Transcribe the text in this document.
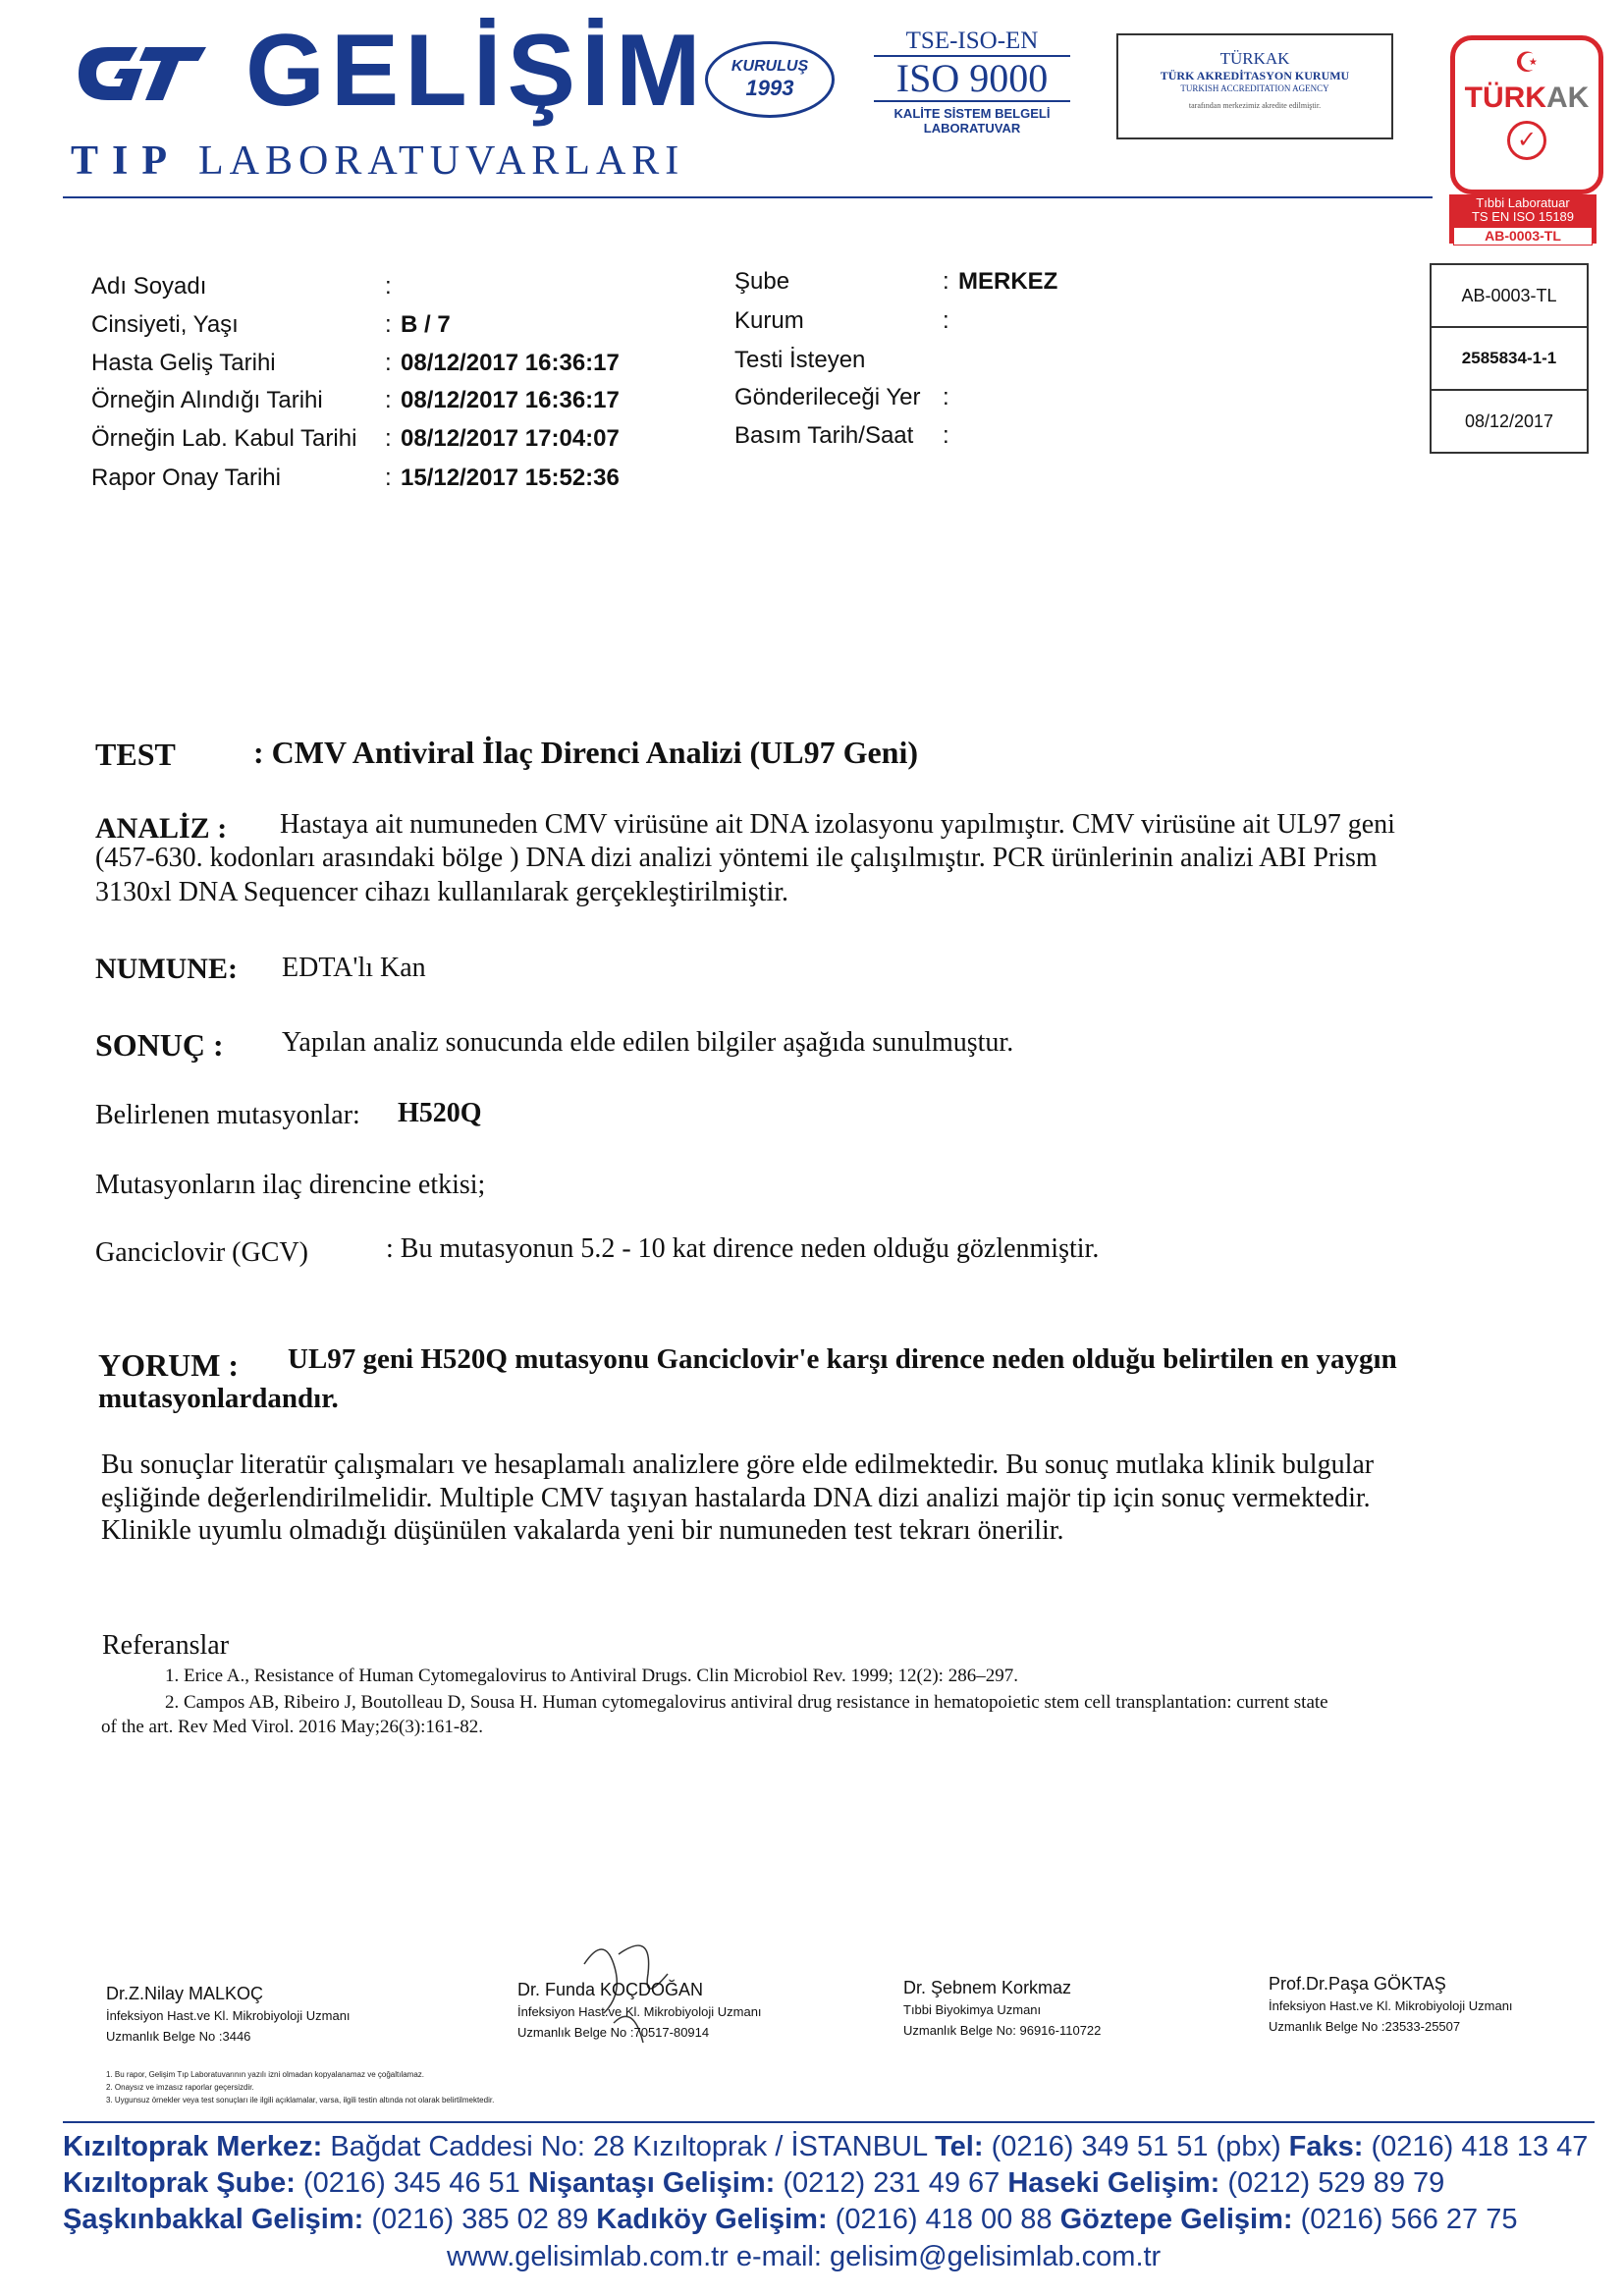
GELİŞİM
TIP LABORATUVARLARI
KURULUŞ
1993
TSE-ISO-EN
ISO 9000
KALİTE SİSTEM BELGELİ
LABORATUVAR
TÜRKAK
TÜRK AKREDİTASYON KURUMU
TURKISH ACCREDITATION AGENCY
tarafından merkezimiz akredite edilmiştir.
☪
TÜRKAK
✓
Tıbbi Laboratuar
TS EN ISO 15189
AB-0003-TL
Adı Soyadı	:
Cinsiyeti, Yaşı	: B / 7
Hasta Geliş Tarihi	: 08/12/2017 16:36:17
Örneğin Alındığı Tarihi	: 08/12/2017 16:36:17
Örneğin Lab. Kabul Tarihi : 08/12/2017 17:04:07
Rapor Onay Tarihi	: 15/12/2017 15:52:36
Şube	: MERKEZ
Kurum	:
Testi İsteyen
Gönderileceği Yer :
Basım Tarih/Saat :
AB-0003-TL
2585834-1-1
08/12/2017
TEST : CMV Antiviral İlaç Direnci Analizi (UL97 Geni)
ANALİZ : Hastaya ait numuneden CMV virüsüne ait DNA izolasyonu yapılmıştır. CMV virüsüne ait UL97 geni
(457-630. kodonları arasındaki bölge ) DNA dizi analizi yöntemi ile çalışılmıştır. PCR ürünlerinin analizi ABI Prism
3130xl DNA Sequencer cihazı kullanılarak gerçekleştirilmiştir.
NUMUNE: EDTA'lı Kan
SONUÇ : Yapılan analiz sonucunda elde edilen bilgiler aşağıda sunulmuştur.
Belirlenen mutasyonlar: H520Q
Mutasyonların ilaç direncine etkisi;
Ganciclovir (GCV)	: Bu mutasyonun 5.2 - 10 kat dirence neden olduğu gözlenmiştir.
YORUM : UL97 geni H520Q mutasyonu Ganciclovir'e karşı dirence neden olduğu belirtilen en yaygın
mutasyonlardandır.
Bu sonuçlar literatür çalışmaları ve hesaplamalı analizlere göre elde edilmektedir. Bu sonuç mutlaka klinik bulgular
eşliğinde değerlendirilmelidir. Multiple CMV taşıyan hastalarda DNA dizi analizi majör tip için sonuç vermektedir.
Klinikle uyumlu olmadığı düşünülen vakalarda yeni bir numuneden test tekrarı önerilir.
Referanslar
1. Erice A., Resistance of Human Cytomegalovirus to Antiviral Drugs. Clin Microbiol Rev. 1999; 12(2): 286–297.
2. Campos AB, Ribeiro J, Boutolleau D, Sousa H. Human cytomegalovirus antiviral drug resistance in hematopoietic stem cell transplantation: current state
of the art. Rev Med Virol. 2016 May;26(3):161-82.
Dr.Z.Nilay MALKOÇ
İnfeksiyon Hast.ve Kl. Mikrobiyoloji Uzmanı
Uzmanlık Belge No :3446
Dr. Funda KOÇDOĞAN
İnfeksiyon Hast.ve Kl. Mikrobiyoloji Uzmanı
Uzmanlık Belge No :70517-80914
Dr. Şebnem Korkmaz
Tıbbi Biyokimya Uzmanı
Uzmanlık Belge No: 96916-110722
Prof.Dr.Paşa GÖKTAŞ
İnfeksiyon Hast.ve Kl. Mikrobiyoloji Uzmanı
Uzmanlık Belge No :23533-25507
1. Bu rapor, Gelişim Tıp Laboratuvarının yazılı izni olmadan kopyalanamaz ve çoğaltılamaz.
2. Onaysız ve imzasız raporlar geçersizdir.
3. Uygunsuz örnekler veya test sonuçları ile ilgili açıklamalar, varsa, ilgili testin altında not olarak belirtilmektedir.
Kızıltoprak Merkez: Bağdat Caddesi No: 28 Kızıltoprak / İSTANBUL Tel: (0216) 349 51 51 (pbx) Faks: (0216) 418 13 47
Kızıltoprak Şube: (0216) 345 46 51 Nişantaşı Gelişim: (0212) 231 49 67 Haseki Gelişim: (0212) 529 89 79
Şaşkınbakkal Gelişim: (0216) 385 02 89 Kadıköy Gelişim: (0216) 418 00 88 Göztepe Gelişim: (0216) 566 27 75
www.gelisimlab.com.tr e-mail: gelisim@gelisimlab.com.tr
